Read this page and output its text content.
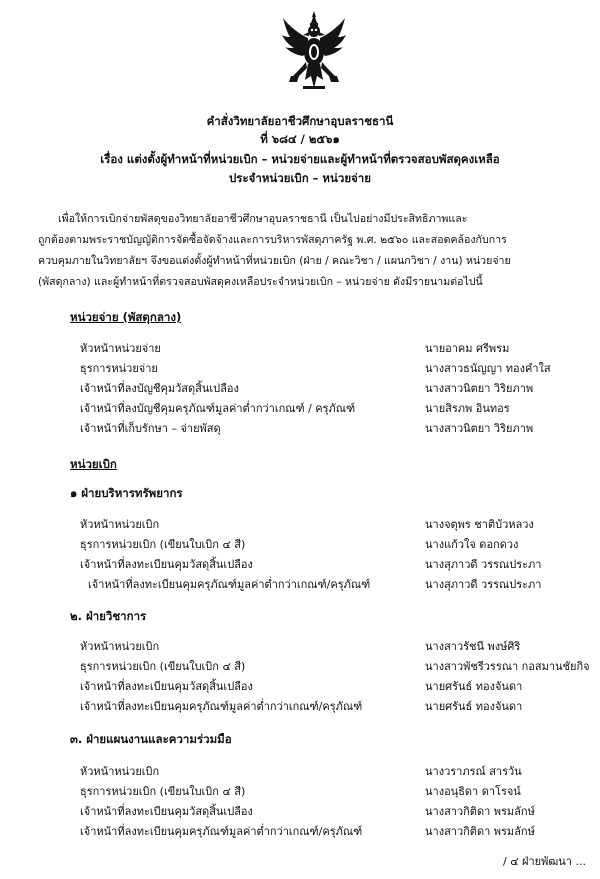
คำสั่งวิทยาลัยอาชีวศึกษาอุบลราชธานี
ที่ ๖๘๔ / ๒๕๖๑
เรื่อง แต่งตั้งผู้ทำหน้าที่หน่วยเบิก – หน่วยจ่ายและผู้ทำหน้าที่ตรวจสอบพัสดุคงเหลือ
ประจำหน่วยเบิก – หน่วยจ่าย
เพื่อให้การเบิกจ่ายพัสดุของวิทยาลัยอาชีวศึกษาอุบลราชธานี เป็นไปอย่างมีประสิทธิภาพและ
ถูกต้องตามพระราชบัญญัติการจัดซื้อจัดจ้างและการบริหารพัสดุภาครัฐ พ.ศ. ๒๕๖๐ และสอดคล้องกับการ
ควบคุมภายในวิทยาลัยฯ จึงขอแต่งตั้งผู้ทำหน้าที่หน่วยเบิก (ฝ่าย / คณะวิชา / แผนกวิชา / งาน) หน่วยจ่าย
(พัสดุกลาง) และผู้ทำหน้าที่ตรวจสอบพัสดุคงเหลือประจำหน่วยเบิก – หน่วยจ่าย ดังมีรายนามต่อไปนี้
หน่วยจ่าย (พัสดุกลาง)
หัวหน้าหน่วยจ่าย	นายอาคม ศรีพรม
ธุรการหน่วยจ่าย	นางสาวธนัญญา ทองคำใส
เจ้าหน้าที่ลงบัญชีคุมวัสดุสิ้นเปลือง	นางสาวนิตยา วิริยภาพ
เจ้าหน้าที่ลงบัญชีคุมครุภัณฑ์มูลค่าต่ำกว่าเกณฑ์ / ครุภัณฑ์	นายสิรภพ อินทอร
เจ้าหน้าที่เก็บรักษา – จ่ายพัสดุ	นางสาวนิตยา วิริยภาพ
หน่วยเบิก
๑ ฝ่ายบริหารทรัพยากร
หัวหน้าหน่วยเบิก	นางจตุพร ชาติบัวหลวง
ธุรการหน่วยเบิก (เขียนใบเบิก ๔ สี)	นางแก้วใจ ดอกดวง
เจ้าหน้าที่ลงทะเบียนคุมวัสดุสิ้นเปลือง	นางสุภาวดี วรรณประภา
เจ้าหน้าที่ลงทะเบียนคุมครุภัณฑ์มูลค่าต่ำกว่าเกณฑ์/ครุภัณฑ์	นางสุภาวดี วรรณประภา
๒. ฝ่ายวิชาการ
หัวหน้าหน่วยเบิก	นางสาวรัชนี พงษ์ศิริ
ธุรการหน่วยเบิก (เขียนใบเบิก ๔ สี)	นางสาวพัชรีวรรณา กอสมานชัยกิจ
เจ้าหน้าที่ลงทะเบียนคุมวัสดุสิ้นเปลือง	นายศรันธ์ ทองจันดา
เจ้าหน้าที่ลงทะเบียนคุมครุภัณฑ์มูลค่าต่ำกว่าเกณฑ์/ครุภัณฑ์	นายศรันธ์ ทองจันดา
๓. ฝ่ายแผนงานและความร่วมมือ
หัวหน้าหน่วยเบิก	นางวราภรณ์ สารวัน
ธุรการหน่วยเบิก (เขียนใบเบิก ๔ สี)	นางอนุธิดา ดาโรจน์
เจ้าหน้าที่ลงทะเบียนคุมวัสดุสิ้นเปลือง	นางสาวกิติดา พรมลักษ์
เจ้าหน้าที่ลงทะเบียนคุมครุภัณฑ์มูลค่าต่ำกว่าเกณฑ์/ครุภัณฑ์	นางสาวกิติดา พรมลักษ์
/ ๔ ฝ่ายพัฒนา ...
